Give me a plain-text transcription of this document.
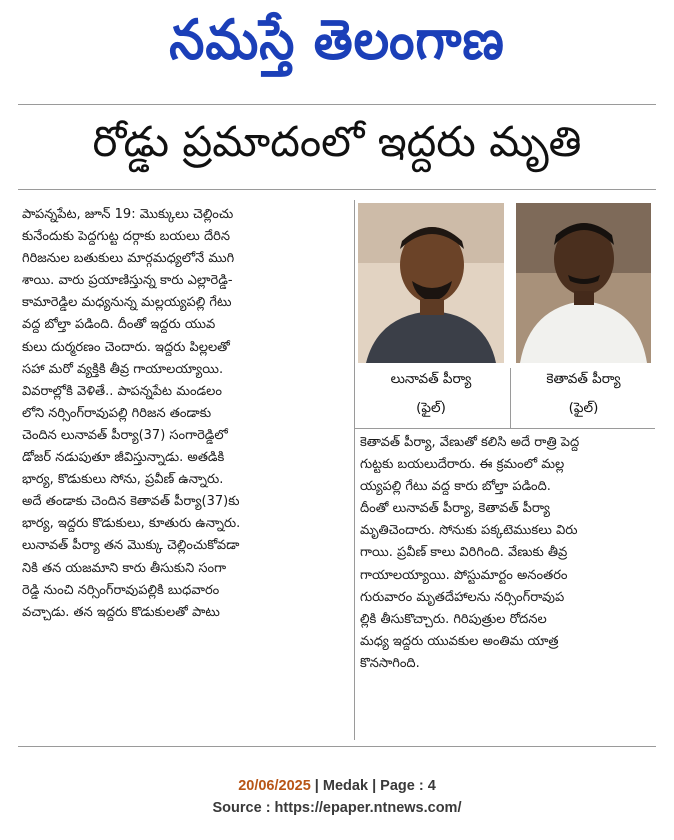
నమస్తే తెలంగాణ
రోడ్డు ప్రమాదంలో ఇద్దరు మృతి

పాపన్నపేట, జూన్ 19: మొక్కులు చెల్లించు

కునేందుకు పెద్దగుట్ట దర్గాకు బయలు దేరిన

గిరిజనుల బతుకులు మార్గమధ్యలోనే ముగి

శాయి. వారు ప్రయాణిస్తున్న కారు ఎల్లారెడ్డి-

కామారెడ్డిల మధ్యనున్న మల్లయ్యపల్లి గేటు

వద్ద బోల్తా పడింది. దీంతో ఇద్దరు యువ

కులు దుర్మరణం చెందారు. ఇద్దరు పిల్లలతో

సహా మరో వ్యక్తికి తీవ్ర గాయాలయ్యాయి.

వివరాల్లోకి వెళితే.. పాపన్నపేట మండలం

లోని నర్సింగ్‌రావుపల్లి గిరిజన తండాకు

చెందిన లునావత్ పీర్యా(37) సంగారెడ్డిలో

డోజర్ నడుపుతూ జీవిస్తున్నాడు. అతడికి

భార్య, కొడుకులు సోను, ప్రవీణ్ ఉన్నారు.

అదే తండాకు చెందిన కెతావత్ పీర్యా(37)కు

భార్య, ఇద్దరు కొడుకులు, కూతురు ఉన్నారు.

లునావత్ పీర్యా తన మొక్కు చెల్లించుకోవడా

నికి తన యజమాని కారు తీసుకుని సంగా

రెడ్డి నుంచి నర్సింగ్‌రావుపల్లికి బుధవారం

వచ్చాడు. తన ఇద్దరు కొడుకులతో పాటు

లునావత్ పీర్యా
(ఫైల్)
కెతావత్ పీర్యా
(ఫైల్)

కెతావత్ పీర్యా, వేణుతో కలిసి అదే రాత్రి పెద్ద

గుట్టకు బయలుదేరారు. ఈ క్రమంలో మల్ల

య్యపల్లి గేటు వద్ద కారు బోల్తా పడింది.

దీంతో లునావత్ పీర్యా, కెతావత్ పీర్యా

మృతిచెందారు. సోనుకు పక్కటెముకలు విరు

గాయి. ప్రవీణ్ కాలు విరిగింది. వేణుకు తీవ్ర

గాయాలయ్యాయి. పోస్టుమార్టం అనంతరం

గురువారం మృతదేహాలను నర్సింగ్‌రావుప

ల్లికి తీసుకొచ్చారు. గిరిపుత్రుల రోదనల

మధ్య ఇద్దరు యువకుల అంతిమ యాత్ర

కొనసాగింది.

20/06/2025 | Medak | Page : 4
Source : https://epaper.ntnews.com/
